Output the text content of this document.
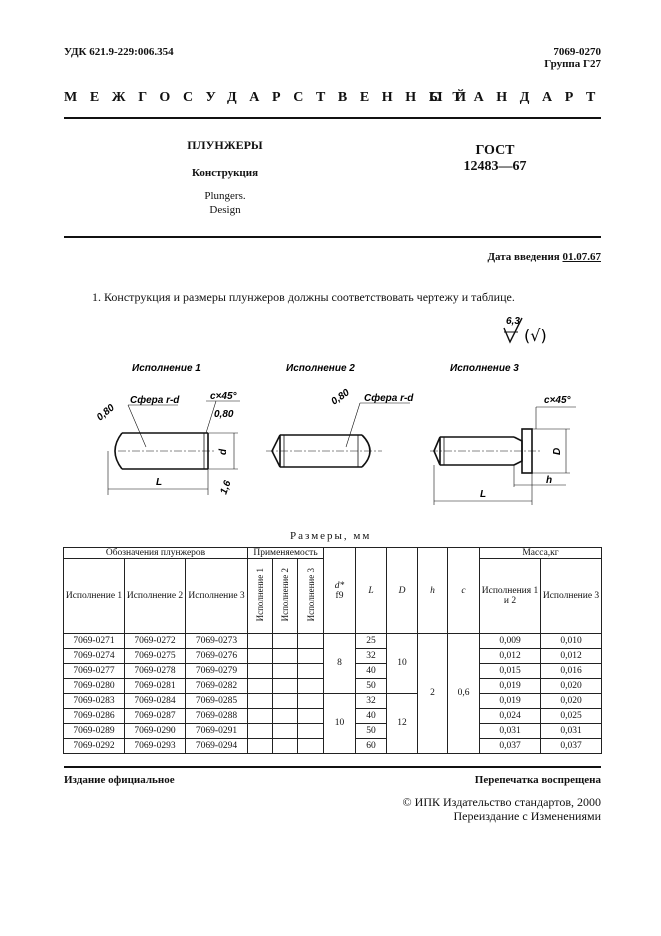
УДК 621.9-229:006.354	7069-0270
Группа Г27
МЕЖГОСУДАРСТВЕННЫЙ
СТАНДАРТ
ПЛУНЖЕРЫ
Конструкция
Plungers.
Design
ГОСТ
12483—67
Дата введения 01.07.67
1. Конструкция и размеры плунжеров должны соответствовать чертежу и таблице.
6,3
(√)
Исполнение 1
L
d
Сфера r-d
0,80
c×45°
0,80
1,6
Исполнение 2
Сфера r-d
0,80
Исполнение 3
D
c×45°
L
h
Размеры, мм
Обозначения плунжеров			Применяемость			d*
f9	L	D	h	c	Масса,кг	
Исполнение 1	Исполнение 2	Исполнение 3	Исполнение 1	Исполнение 2	Исполнение 3						Исполнения 1 и 2	Исполнение 3
7069-0271	7069-0272	7069-0273				8	25	10	2	0,6	0,009	0,010
7069-0274	7069-0275	7069-0276					32				0,012	0,012
7069-0277	7069-0278	7069-0279					40				0,015	0,016
7069-0280	7069-0281	7069-0282					50				0,019	0,020
7069-0283	7069-0284	7069-0285				10	32	12			0,019	0,020
7069-0286	7069-0287	7069-0288					40				0,024	0,025
7069-0289	7069-0290	7069-0291					50				0,031	0,031
7069-0292	7069-0293	7069-0294					60				0,037	0,037
Издание официальное	Перепечатка воспрещена
© ИПК Издательство стандартов, 2000
Переиздание с Изменениями
